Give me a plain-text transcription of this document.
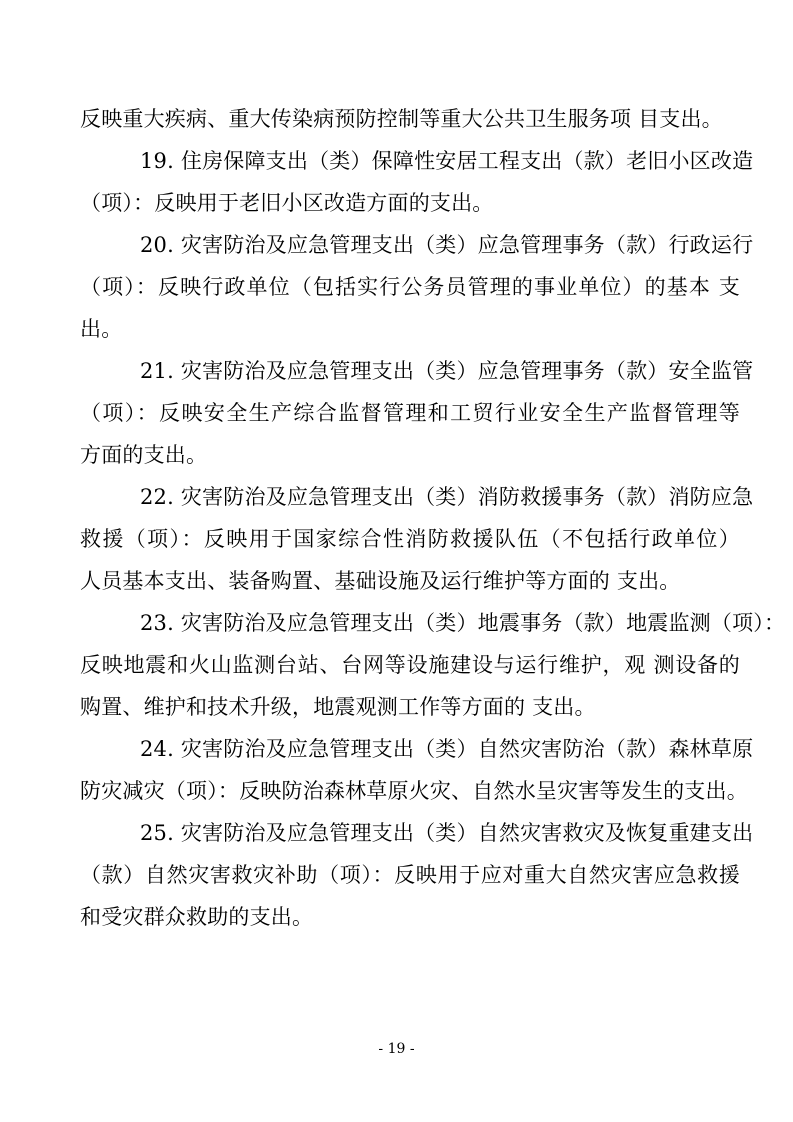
反映重大疾病、重大传染病预防控制等重大公共卫生服务项 目支出。
19. 住房保障支出（类）保障性安居工程支出（款）老旧小区改造
（项）：反映用于老旧小区改造方面的支出。
20. 灾害防治及应急管理支出（类）应急管理事务（款）行政运行
（项）：反映行政单位（包括实行公务员管理的事业单位）的基本 支
出。
21. 灾害防治及应急管理支出（类）应急管理事务（款）安全监管
（项）：反映安全生产综合监督管理和工贸行业安全生产监督管理等
方面的支出。
22. 灾害防治及应急管理支出（类）消防救援事务（款）消防应急
救援（项）：反映用于国家综合性消防救援队伍（不包括行政单位）
人员基本支出、装备购置、基础设施及运行维护等方面的 支出。
23. 灾害防治及应急管理支出（类）地震事务（款）地震监测（项）：
反映地震和火山监测台站、台网等设施建设与运行维护，观 测设备的
购置、维护和技术升级，地震观测工作等方面的 支出。
24. 灾害防治及应急管理支出（类）自然灾害防治（款）森林草原
防灾减灾（项）：反映防治森林草原火灾、自然水呈灾害等发生的支出。
25. 灾害防治及应急管理支出（类）自然灾害救灾及恢复重建支出
（款）自然灾害救灾补助（项）：反映用于应对重大自然灾害应急救援
和受灾群众救助的支出。
- 19 -
